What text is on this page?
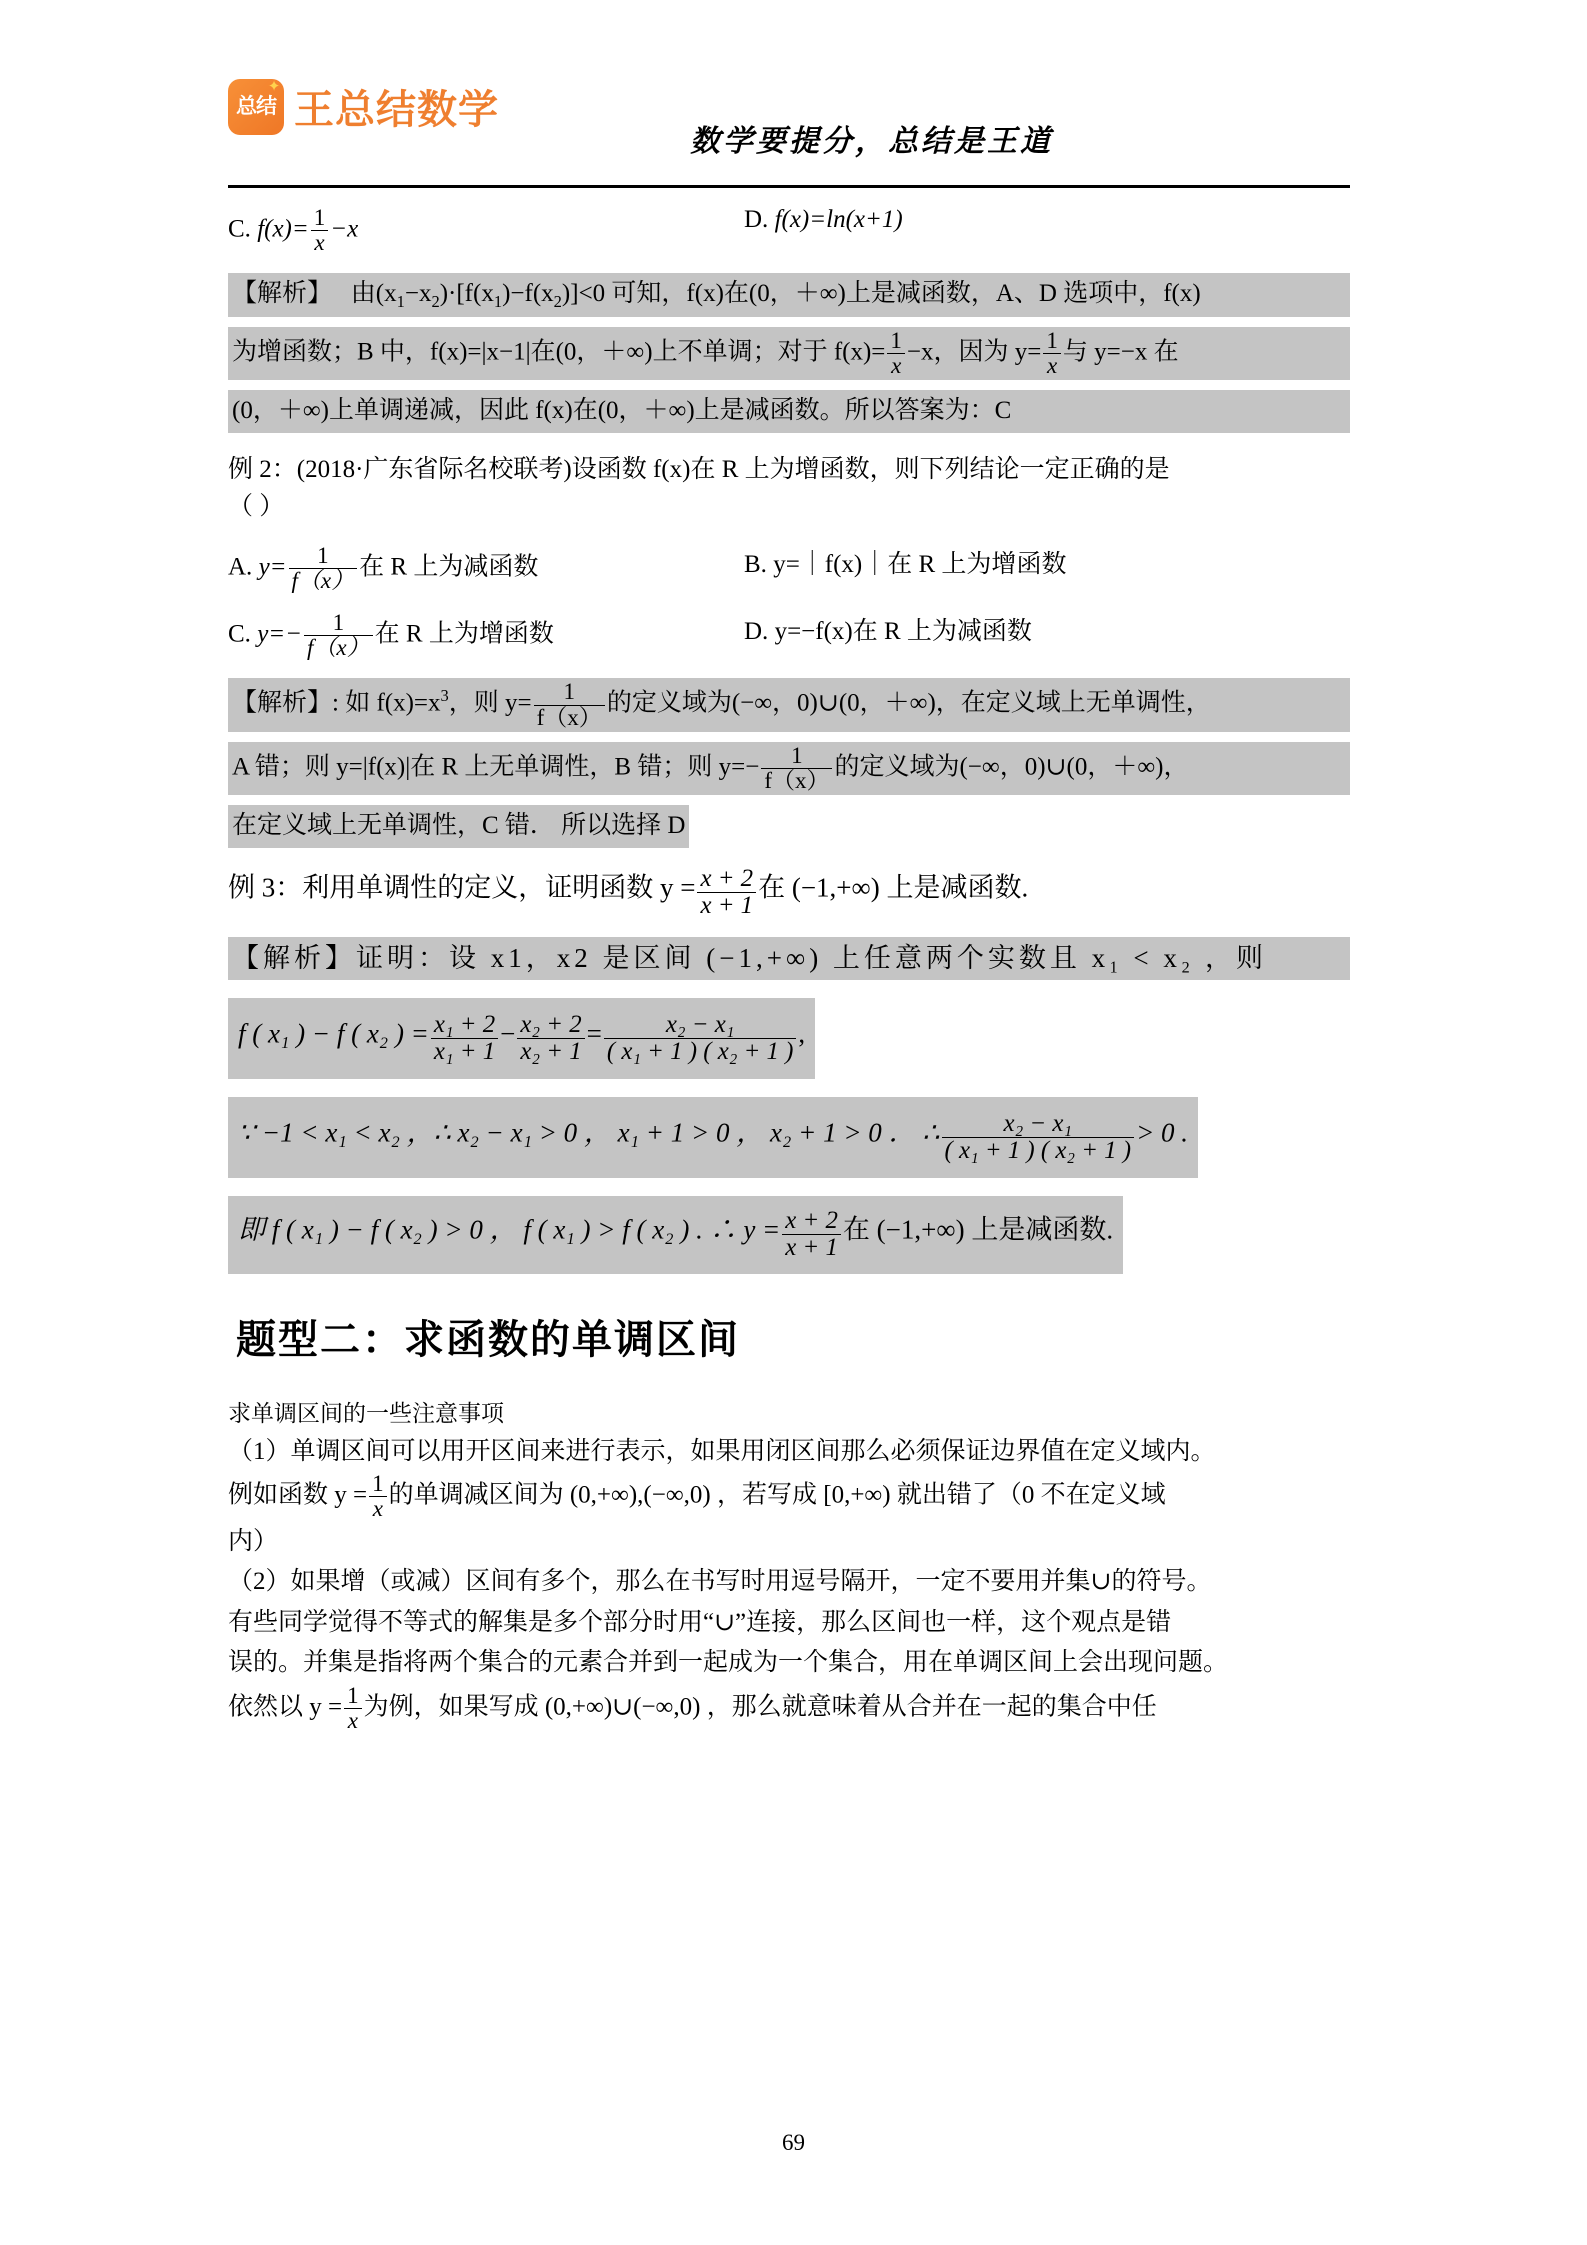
✦
总结 王总结数学
数学要提分，总结是王道
C. $f(x)= \frac{1}{x} -x$	D. f(x)=ln(x+1)
【解析】 由$(x_1-x_2)\cdot[f(x_1)-f(x_2)]<0$ 可知，f(x)在(0，＋∞)上是减函数，A、D 选项中，f(x)
为增函数；B 中，f(x)=|x−1|在(0，＋∞)上不单调；对于 $f(x)= \frac{1}{x} -x$，因为 $y= \frac{1}{x}$ 与 y=−x 在
(0，＋∞)上单调递减，因此 f(x)在(0，＋∞)上是减函数。所以答案为：C
例 2：(2018·广东省际名校联考)设函数 f(x)在 R 上为增函数，则下列结论一定正确的是
（ ）
A. $y= \frac{1}{f(x)}$ 在 R 上为减函数	B. y=｜f(x)｜在 R 上为增函数
C. $y=- \frac{1}{f(x)}$ 在 R 上为增函数	D. y=−f(x)在 R 上为减函数
【解析】: 如 $f(x)=x^3$，则 $y= \frac{1}{f(x)}$ 的定义域为(−∞，0)∪(0，＋∞)，在定义域上无单调性，
A 错；则 y=|f(x)|在 R 上无单调性，B 错；则 $y=- \frac{1}{f(x)}$ 的定义域为(−∞，0)∪(0，＋∞)，
在定义域上无单调性，C 错． 所以选择 D
例 3：利用单调性的定义，证明函数 $y = \frac{x + 2}{x + 1}$ 在 (−1,+∞) 上是减函数.
【解析】证明：设 x1，x2 是区间 (−1,+∞) 上任意两个实数且 x₁ < x₂ ，则
f ( x₁ ) − f ( x₂ ) = $\frac{\text{x₁ + 2}}{\text{x₁ + 1}} - \frac{\text{x₂ + 2}}{\text{x₂ + 1}} = \frac{\text{x₂ − x₁}}{\text{( x₁ + 1 ) ( x₂ + 1 )}}$ ,
∵ −1 < x₁ < x₂ ，∴ x₂ − x₁ > 0 ， x₁ + 1 > 0 ， x₂ + 1 > 0 ． ∴ $\frac{\text{x₂ − x₁}}{\text{( x₁ + 1 ) ( x₂ + 1 )}} > 0$ .
即 f ( x₁ ) − f ( x₂ ) > 0 ， f ( x₁ ) > f ( x₂ ) . ∴ $y = \frac{x + 2}{x + 1}$ 在 (−1,+∞) 上是减函数.
题型二：求函数的单调区间
求单调区间的一些注意事项
（1）单调区间可以用开区间来进行表示，如果用闭区间那么必须保证边界值在定义域内。
例如函数 $y = \frac{1}{x}$ 的单调减区间为 (0,+∞),(−∞,0) ，若写成 [0,+∞) 就出错了（0 不在定义域
内）
（2）如果增（或减）区间有多个，那么在书写时用逗号隔开，一定不要用并集∪的符号。
有些同学觉得不等式的解集是多个部分时用“∪”连接，那么区间也一样，这个观点是错
误的。并集是指将两个集合的元素合并到一起成为一个集合，用在单调区间上会出现问题。
依然以 $y = \frac{1}{x}$ 为例，如果写成 (0,+∞)∪(−∞,0) ，那么就意味着从合并在一起的集合中任
69
